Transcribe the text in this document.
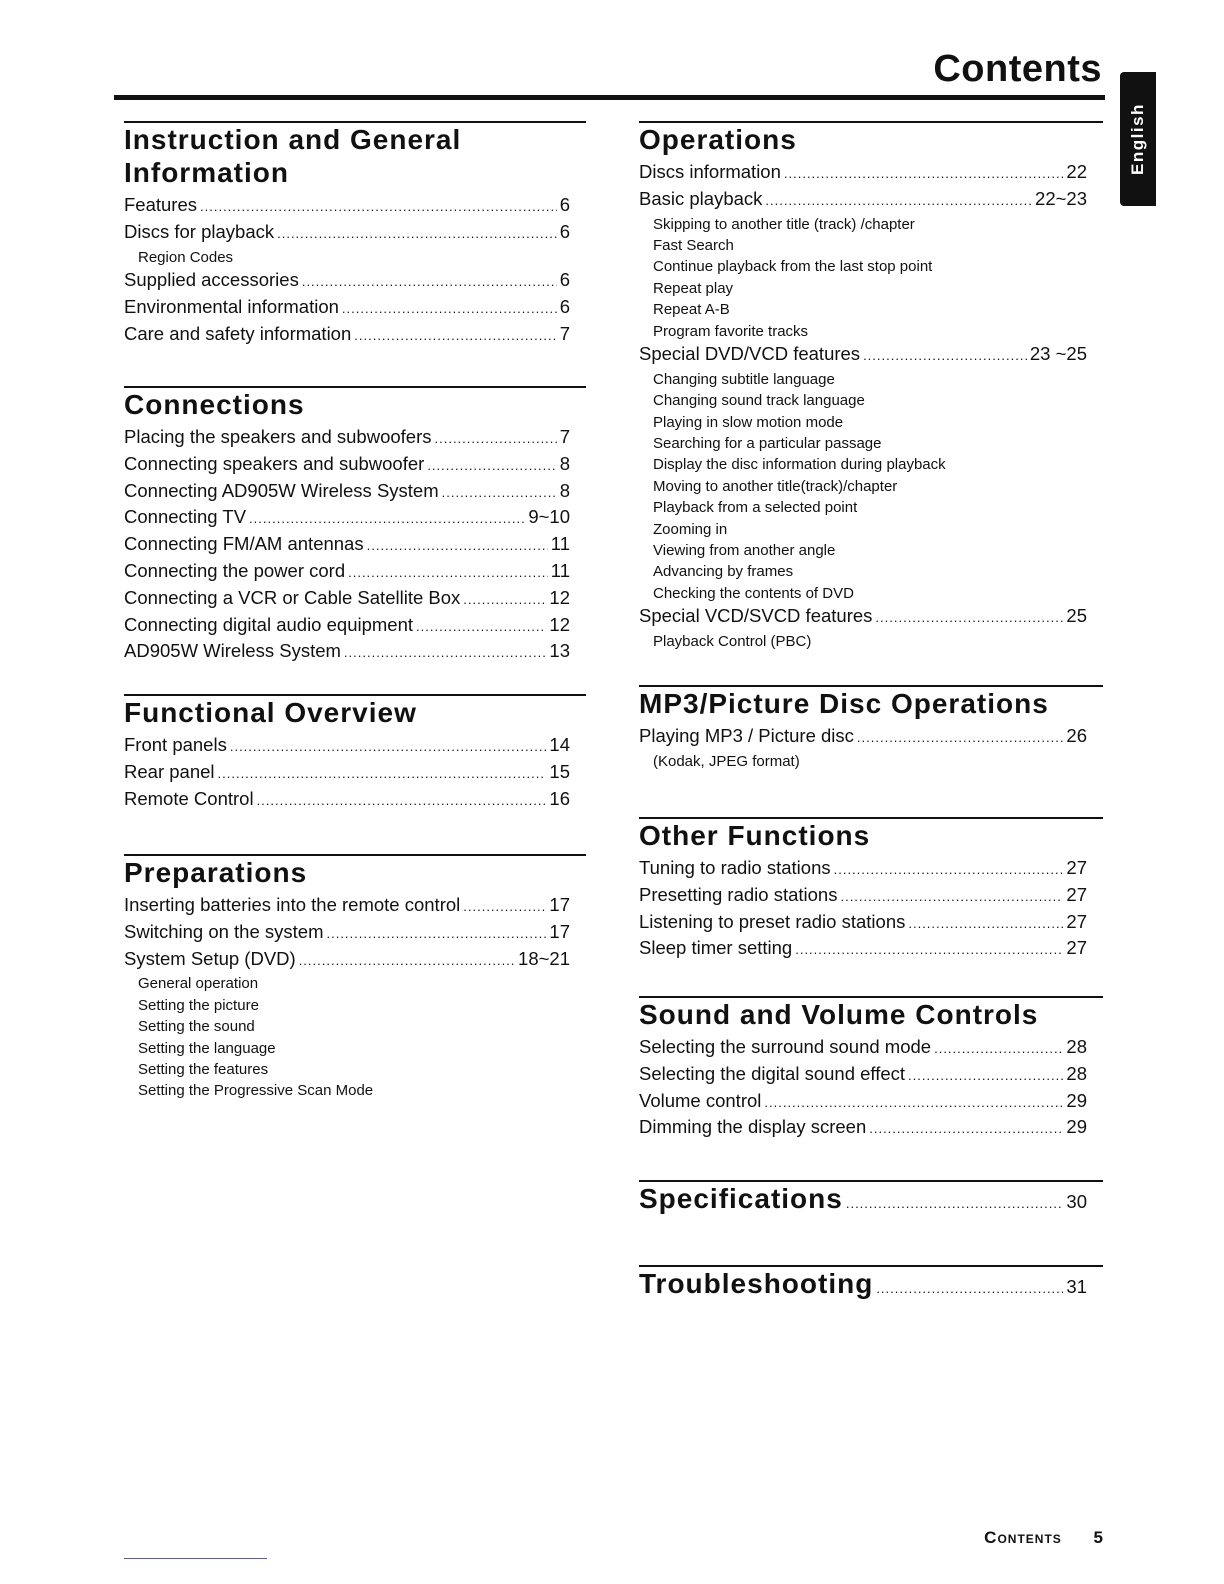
Contents
English
Instruction and General Information
Features .....	6
Discs for playback .....	6
Region Codes
Supplied accessories .....	6
Environmental information .....	6
Care and safety information .....	7
Connections
Placing the speakers and subwoofers .....	7
Connecting speakers and subwoofer .....	8
Connecting AD905W Wireless System .....	8
Connecting TV .....	9~10
Connecting FM/AM antennas .....	11
Connecting the power cord .....	11
Connecting a VCR or Cable Satellite Box .....	12
Connecting digital audio equipment .....	12
AD905W Wireless System .....	13
Functional Overview
Front panels .....	14
Rear panel .....	15
Remote Control .....	16
Preparations
Inserting batteries into the remote control .....	17
Switching on the system .....	17
System Setup (DVD) .....	18~21
General operation
Setting the picture
Setting the sound
Setting the language
Setting the features
Setting the Progressive Scan Mode
Operations
Discs information .....	22
Basic playback .....	22~23
Skipping to another title (track) /chapter
Fast Search
Continue playback from the last stop point
Repeat play
Repeat A-B
Program favorite tracks
Special DVD/VCD features .....	23 ~25
Changing subtitle language
Changing sound track language
Playing in slow motion mode
Searching for a particular passage
Display the disc information during playback
Moving to another title(track)/chapter
Playback from a selected point
Zooming in
Viewing from another angle
Advancing by frames
Checking the contents of DVD
Special VCD/SVCD features .....	25
Playback Control (PBC)
MP3/Picture Disc Operations
Playing MP3 / Picture disc .....	26
(Kodak, JPEG format)
Other Functions
Tuning to radio stations .....	27
Presetting radio stations .....	27
Listening to preset radio stations .....	27
Sleep timer setting .....	27
Sound and Volume Controls
Selecting the surround sound mode .....	28
Selecting the digital sound effect .....	28
Volume control .....	29
Dimming the display screen .....	29
Specifications .....	30
Troubleshooting .....	31
Contents 5
